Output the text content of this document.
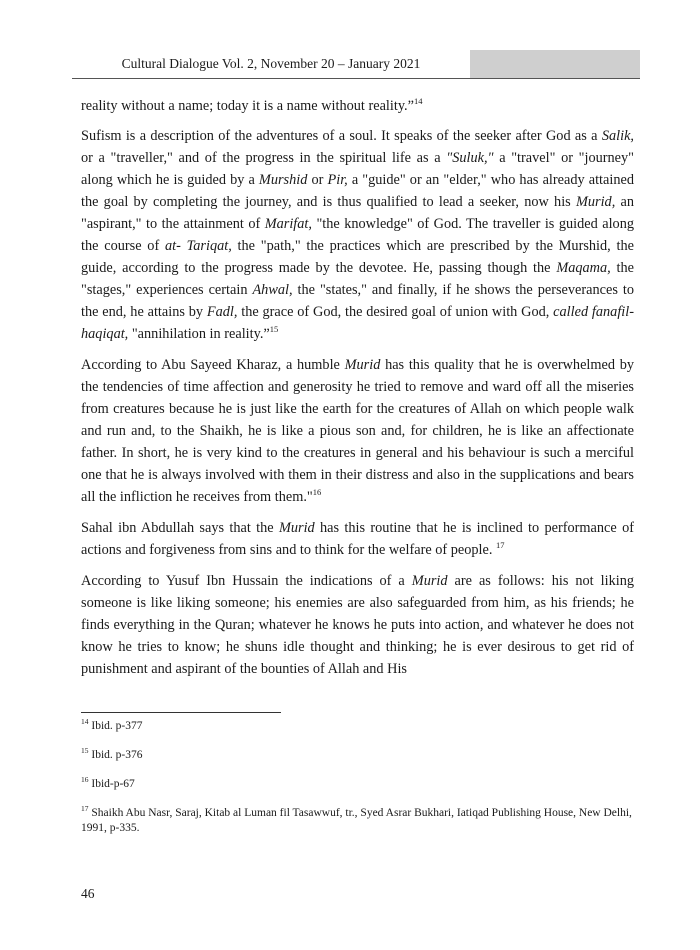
Cultural Dialogue Vol. 2, November 20 – January 2021

reality without a name; today it is a name without reality.”$^{14}$

Sufism is a description of the adventures of a soul. It speaks of the seeker after God as a Salik, or a "traveller," and of the progress in the spiritual life as a "Suluk," a "travel" or "journey" along which he is guided by a Murshid or Pir, a "guide" or an "elder," who has already attained the goal by completing the journey, and is thus qualified to lead a seeker, now his Murid, an "aspirant," to the attainment of Marifat, "the knowledge" of God. The traveller is guided along the course of at- Tariqat, the "path," the practices which are prescribed by the Murshid, the guide, according to the progress made by the devotee. He, passing though the Maqama, the "stages," experiences certain Ahwal, the "states," and finally, if he shows the perseverances to the end, he attains by Fadl, the grace of God, the desired goal of union with God, called fanafil-haqiqat, "annihilation in reality.”$^{15}$

According to Abu Sayeed Kharaz, a humble Murid has this quality that he is overwhelmed by the tendencies of time affection and generosity he tried to remove and ward off all the miseries from creatures because he is just like the earth for the creatures of Allah on which people walk and run and, to the Shaikh, he is like a pious son and, for children, he is like an affectionate father. In short, he is very kind to the creatures in general and his behaviour is such a merciful one that he is always involved with them in their distress and also in the supplications and bears all the infliction he receives from them."$^{16}$

Sahal ibn Abdullah says that the Murid has this routine that he is inclined to performance of actions and forgiveness from sins and to think for the welfare of people. $^{17}$

According to Yusuf Ibn Hussain the indications of a Murid are as follows: his not liking someone is like liking someone; his enemies are also safeguarded from him, as his friends; he finds everything in the Quran; whatever he knows he puts into action, and whatever he does not know he tries to know; he shuns idle thought and thinking; he is ever desirous to get rid of punishment and aspirant of the bounties of Allah and His

$^{14}$ Ibid. p-377
$^{15}$ Ibid. p-376
$^{16}$ Ibid-p-67
$^{17}$ Shaikh Abu Nasr, Saraj, Kitab al Luman fil Tasawwuf, tr., Syed Asrar Bukhari, Iatiqad Publishing House, New Delhi, 1991, p-335.
46
